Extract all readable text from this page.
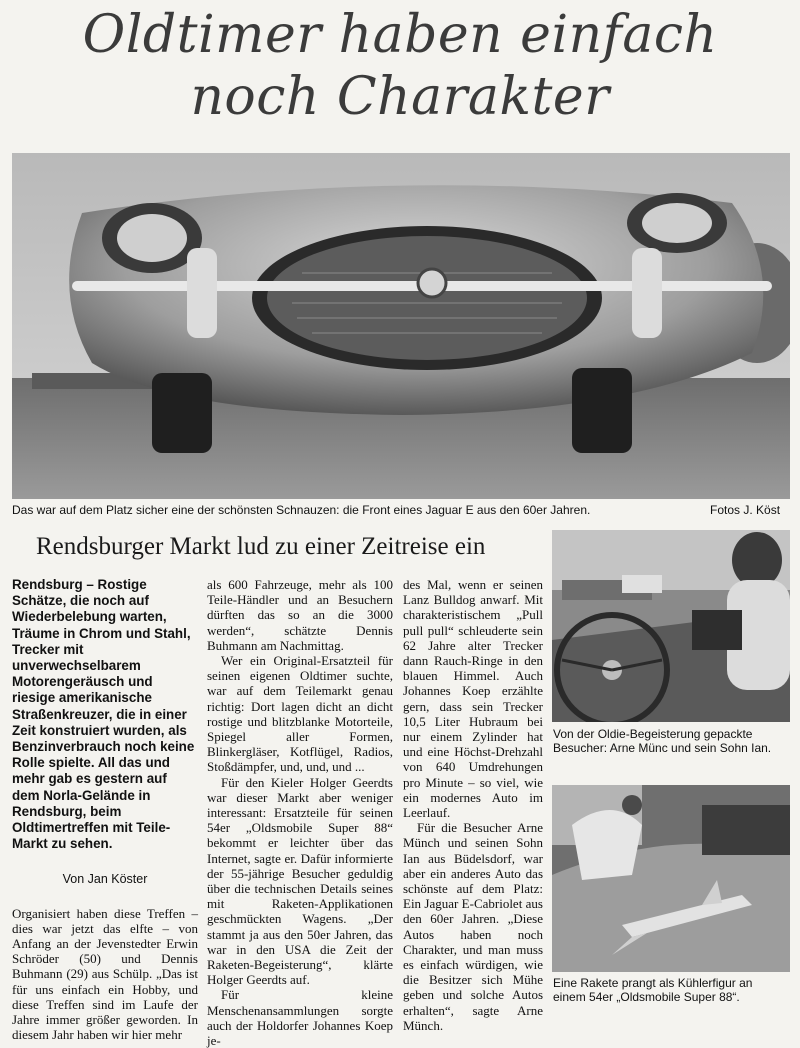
Oldtimer haben einfach
noch Charakter
Das war auf dem Platz sicher eine der schönsten Schnauzen: die Front eines Jaguar E aus den 60er Jahren.	Fotos J. Köst
Rendsburger Markt lud zu einer Zeitreise ein

Rendsburg – Rostige Schätze, die noch auf Wiederbelebung warten, Träume in Chrom und Stahl, Trecker mit unverwechselbarem Motorengeräusch und riesige amerikanische Straßenkreuzer, die in einer Zeit konstruiert wurden, als Benzinverbrauch noch keine Rolle spielte. All das und mehr gab es gestern auf dem Norla-Gelände in Rendsburg, beim Oldtimertreffen mit Teile-Markt zu sehen.

Von Jan Köster

Organisiert haben diese Treffen – dies war jetzt das elfte – von Anfang an der Jevenstedter Erwin Schröder (50) und Dennis Buhmann (29) aus Schülp. „Das ist für uns einfach ein Hobby, und diese Treffen sind im Laufe der Jahre immer größer geworden. In diesem Jahr haben wir hier mehr

als 600 Fahrzeuge, mehr als 100 Teile-Händler und an Besuchern dürften das so an die 3000 werden“, schätzte Dennis Buhmann am Nachmittag.

Wer ein Original-Ersatzteil für seinen eigenen Oldtimer suchte, war auf dem Teilemarkt genau richtig: Dort lagen dicht an dicht rostige und blitzblanke Motorteile, Spiegel aller Formen, Blinkergläser, Kotflügel, Radios, Stoßdämpfer, und, und, und ...

Für den Kieler Holger Geerdts war dieser Markt aber weniger interessant: Ersatzteile für seinen 54er „Oldsmobile Super 88“ bekommt er leichter über das Internet, sagte er. Dafür informierte der 55-jährige Besucher geduldig über die technischen Details seines mit Raketen-Applikationen geschmückten Wagens. „Der stammt ja aus den 50er Jahren, das war in den USA die Zeit der Raketen-Begeisterung“, klärte Holger Geerdts auf.

Für kleine Menschenansammlungen sorgte auch der Holdorfer Johannes Koep je-

des Mal, wenn er seinen Lanz Bulldog anwarf. Mit charakteristischem „Pull pull pull“ schleuderte sein 62 Jahre alter Trecker dann Rauch-Ringe in den blauen Himmel. Auch Johannes Koep erzählte gern, dass sein Trecker 10,5 Liter Hubraum bei nur einem Zylinder hat und eine Höchst-Drehzahl von 640 Umdrehungen pro Minute – so viel, wie ein modernes Auto im Leerlauf.

Für die Besucher Arne Münch und seinen Sohn Ian aus Büdelsdorf, war aber ein anderes Auto das schönste auf dem Platz: Ein Jaguar E-Cabriolet aus den 60er Jahren. „Diese Autos haben noch Charakter, und man muss es einfach würdigen, wie die Besitzer sich Mühe geben und solche Autos erhalten“, sagte Arne Münch.

Von der Oldie-Begeisterung gepackte Besucher: Arne Münc und sein Sohn Ian.
Eine Rakete prangt als Kühlerfigur an einem 54er „Oldsmobile Super 88“.
